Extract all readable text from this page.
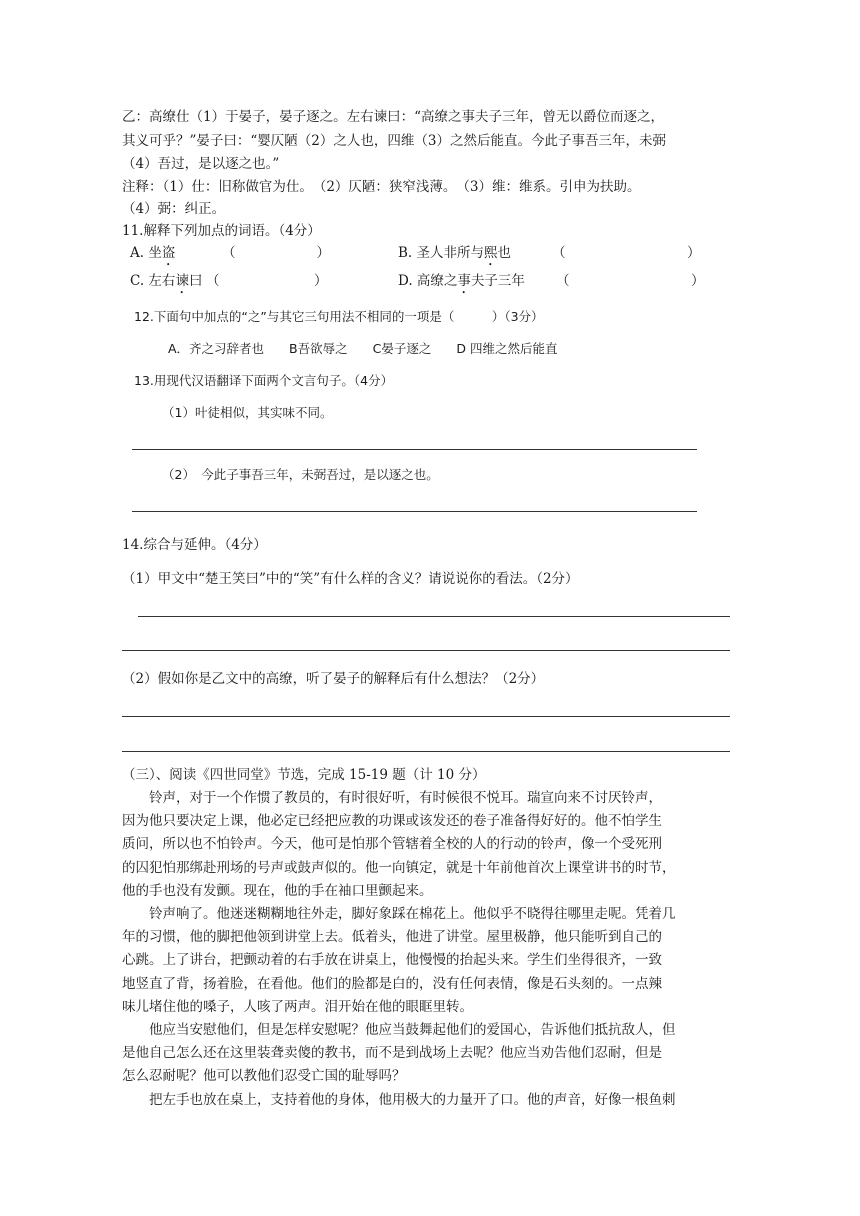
乙：高缭仕（1）于晏子，晏子逐之。左右谏曰：“高缭之事夫子三年，曾无以爵位而逐之，
其义可乎？”晏子曰：“婴仄陋（2）之人也，四维（3）之然后能直。今此子事吾三年，未弼
（4）吾过，是以逐之也。”
注释：（1）仕：旧称做官为仕。　（2）仄陋：狭窄浅薄。　（3）维：维系。引申为扶助。
（4）弼：纠正。
11.解释下列加点的词语。（4分）
A. 坐盗	（　　　　　　）	B. 圣人非所与熙也	（　　　　　　　　　）
C. 左右谏曰 （　　　　　　　）	D. 高缭之事夫子三年 （　　　　　　　　　）
12.下面句中加点的“之”与其它三句用法不相同的一项是（　　　）（3分）
A．齐之习辞者也　　B吾欲辱之　　C晏子逐之　　D 四维之然后能直
13.用现代汉语翻译下面两个文言句子。（4分）
（1）叶徒相似，其实味不同。
（2）　今此子事吾三年，未弼吾过，是以逐之也。
14.综合与延伸。（4分）
（1）甲文中“楚王笑曰”中的“笑”有什么样的含义？请说说你的看法。（2分）
（2）假如你是乙文中的高缭，听了晏子的解释后有什么想法？（2分）
（三）、阅读《四世同堂》节选，完成 15-19 题（计 10 分）
　　铃声，对于一个作惯了教员的，有时很好听，有时候很不悦耳。瑞宣向来不讨厌铃声，
因为他只要决定上课，他必定已经把应教的功课或该发还的卷子准备得好好的。他不怕学生
质问，所以也不怕铃声。今天，他可是怕那个管辖着全校的人的行动的铃声，像一个受死刑
的囚犯怕那绑赴刑场的号声或鼓声似的。他一向镇定，就是十年前他首次上课堂讲书的时节，
他的手也没有发颤。现在，他的手在袖口里颤起来。
　　铃声响了。他迷迷糊糊地往外走，脚好象踩在棉花上。他似乎不晓得往哪里走呢。凭着几
年的习惯，他的脚把他领到讲堂上去。低着头，他进了讲堂。屋里极静，他只能听到自己的
心跳。上了讲台，把颤动着的右手放在讲桌上，他慢慢的抬起头来。学生们坐得很齐，一致
地竖直了背，扬着脸，在看他。他们的脸都是白的，没有任何表情，像是石头刻的。一点辣
味儿堵住他的嗓子，人咳了两声。泪开始在他的眼眶里转。
　　他应当安慰他们，但是怎样安慰呢？他应当鼓舞起他们的爱国心，告诉他们抵抗敌人，但
是他自己怎么还在这里装聋卖傻的教书，而不是到战场上去呢？他应当劝告他们忍耐，但是
怎么忍耐呢？他可以教他们忍受亡国的耻辱吗？
　　把左手也放在桌上，支持着他的身体，他用极大的力量开了口。他的声音，好像一根鱼刺
